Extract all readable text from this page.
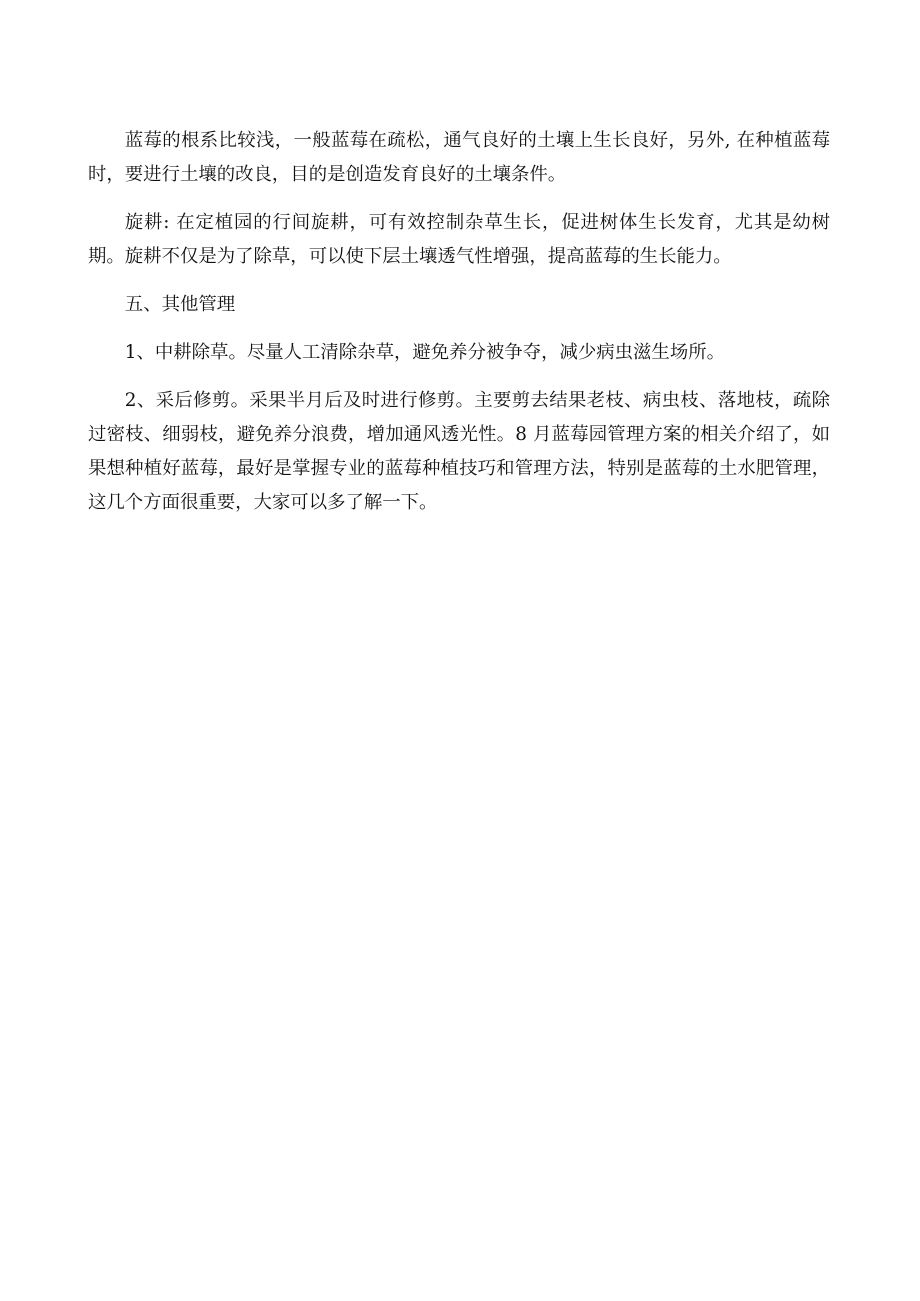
蓝莓的根系比较浅，一般蓝莓在疏松，通气良好的土壤上生长良好，另外, 在种植蓝莓时，要进行土壤的改良，目的是创造发育良好的土壤条件。

旋耕: 在定植园的行间旋耕，可有效控制杂草生长，促进树体生长发育，尤其是幼树期。旋耕不仅是为了除草，可以使下层土壤透气性增强，提高蓝莓的生长能力。

五、其他管理

1、中耕除草。尽量人工清除杂草，避免养分被争夺，减少病虫滋生场所。

2、采后修剪。采果半月后及时进行修剪。主要剪去结果老枝、病虫枝、落地枝，疏除过密枝、细弱枝，避免养分浪费，增加通风透光性。8 月蓝莓园管理方案的相关介绍了，如果想种植好蓝莓，最好是掌握专业的蓝莓种植技巧和管理方法，特别是蓝莓的土水肥管理，这几个方面很重要，大家可以多了解一下。
